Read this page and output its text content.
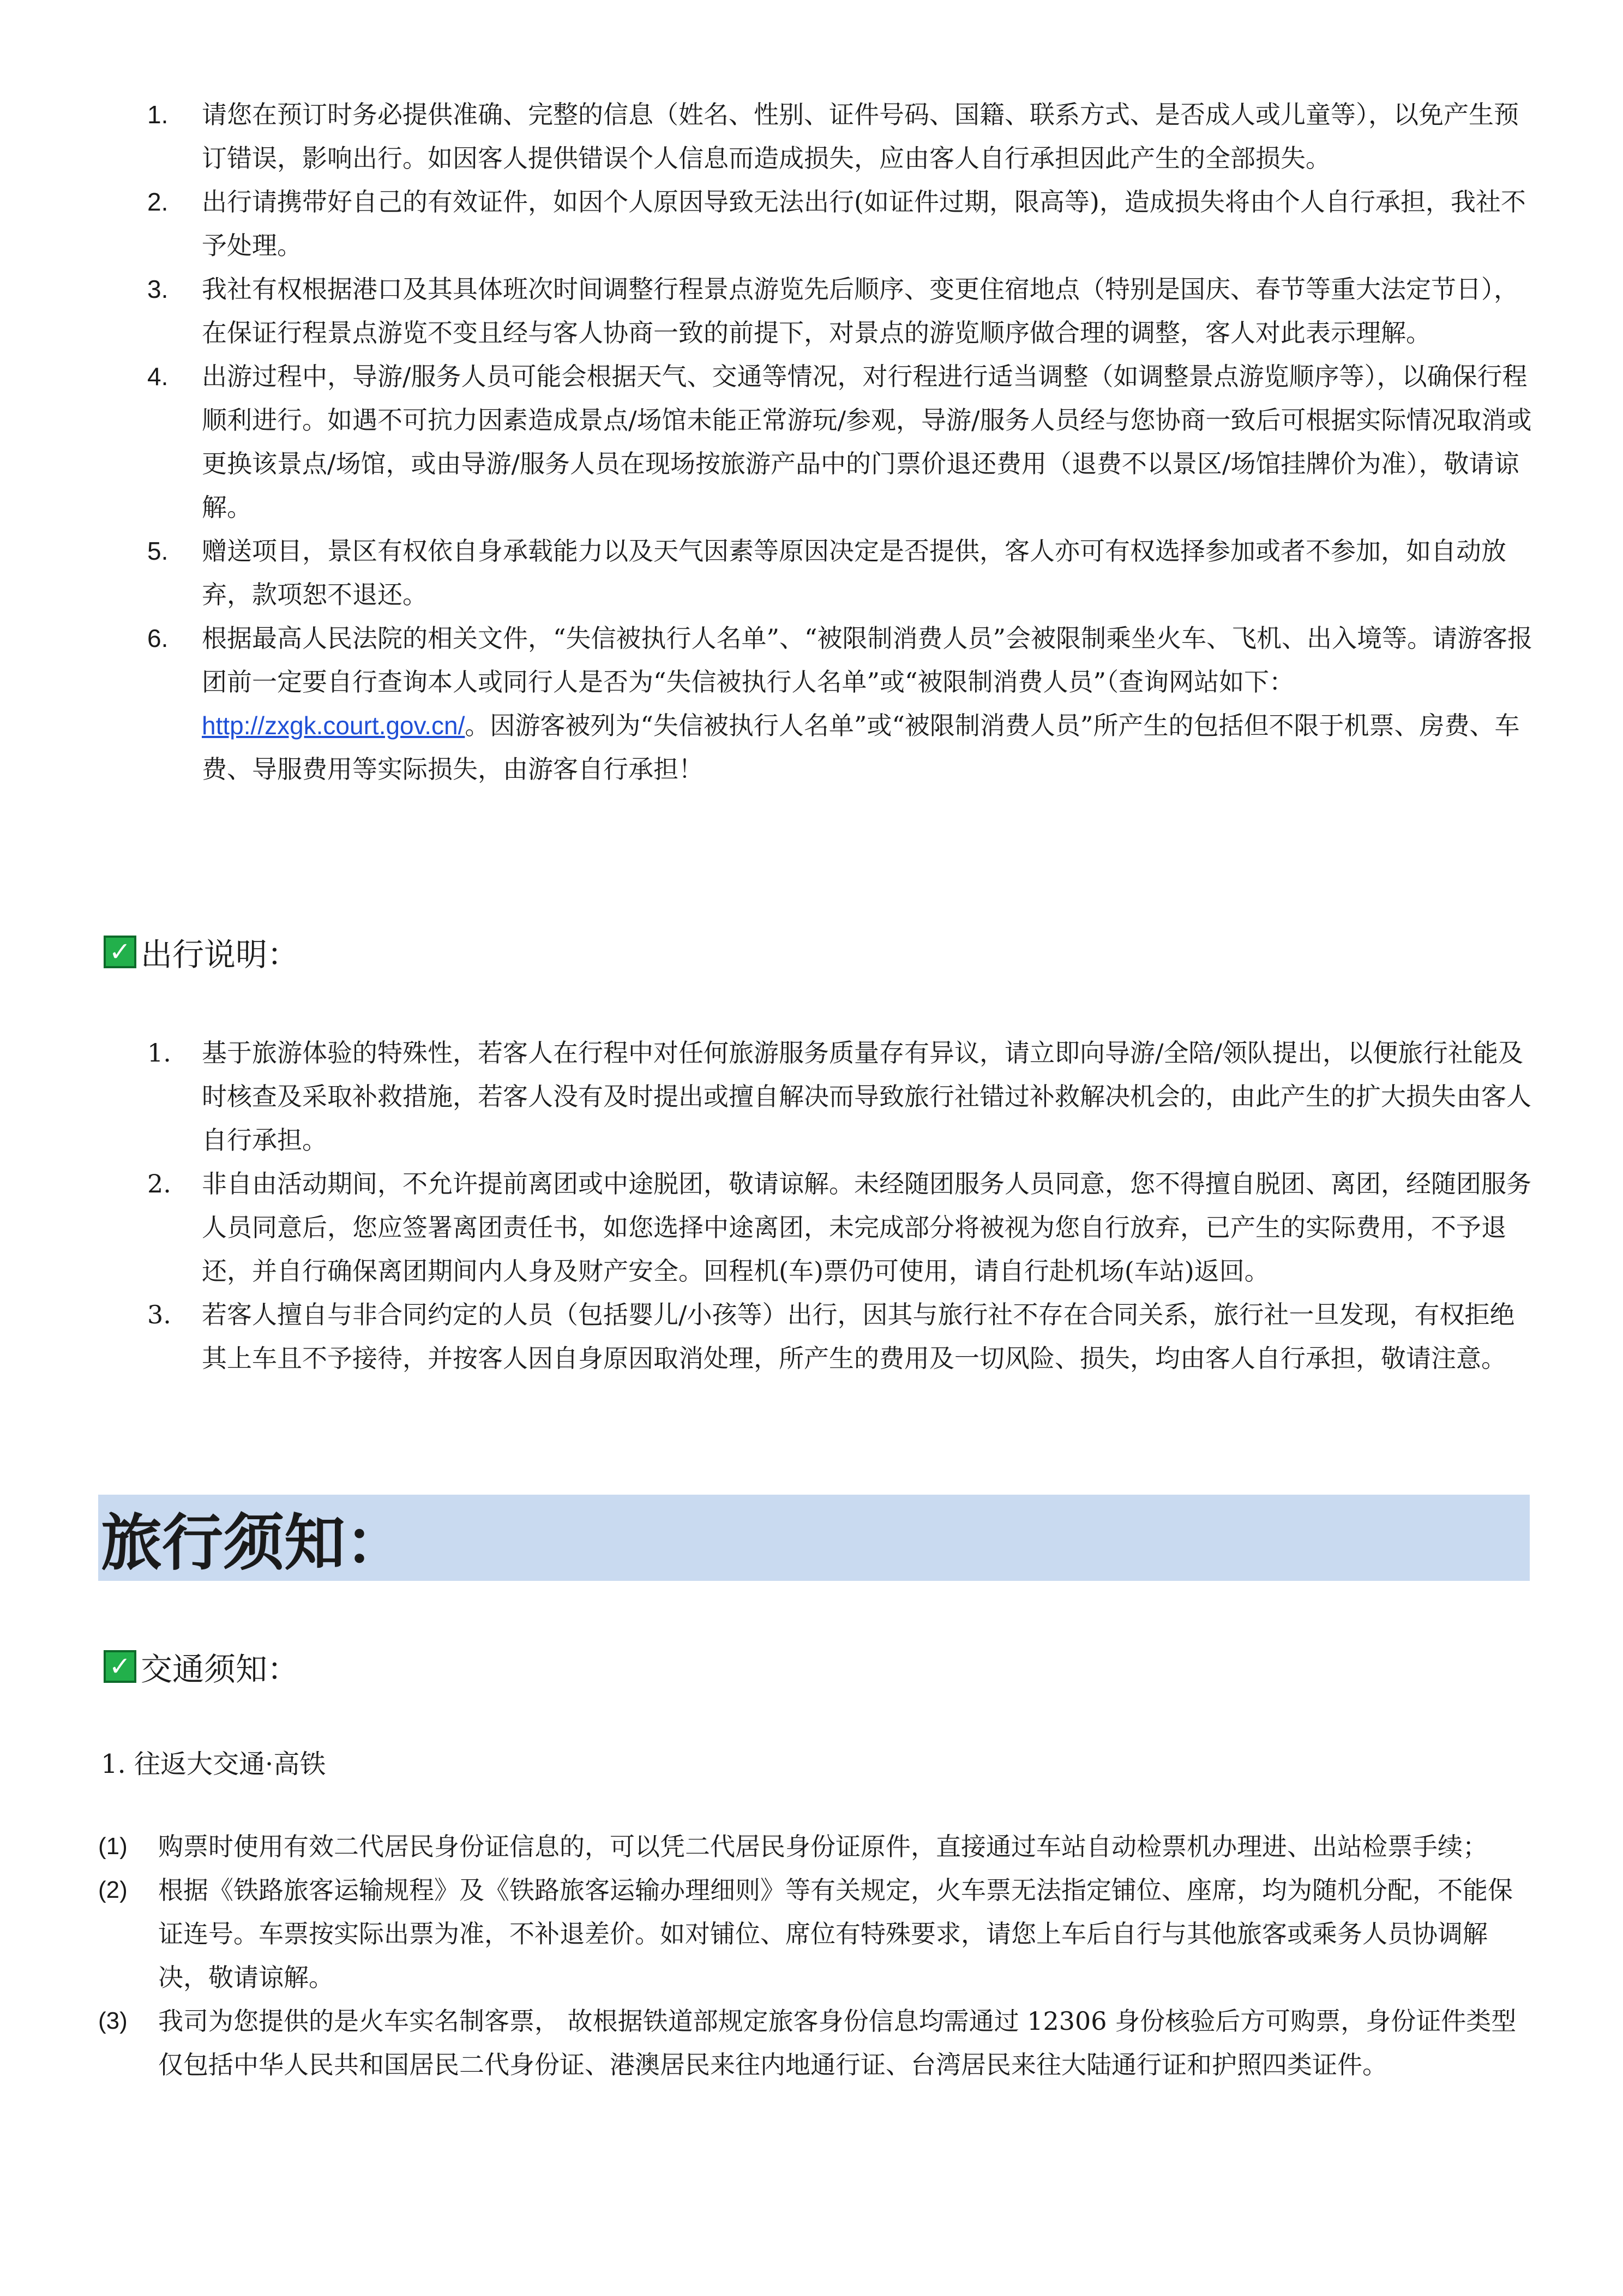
1. 请您在预订时务必提供准确、完整的信息（姓名、性别、证件号码、国籍、联系方式、是否成人或儿童等），以免产生预订错误，影响出行。如因客人提供错误个人信息而造成损失，应由客人自行承担因此产生的全部损失。
2. 出行请携带好自己的有效证件，如因个人原因导致无法出行(如证件过期，限高等)，造成损失将由个人自行承担，我社不予处理。
3. 我社有权根据港口及其具体班次时间调整行程景点游览先后顺序、变更住宿地点（特别是国庆、春节等重大法定节日），在保证行程景点游览不变且经与客人协商一致的前提下，对景点的游览顺序做合理的调整，客人对此表示理解。
4. 出游过程中，导游/服务人员可能会根据天气、交通等情况，对行程进行适当调整（如调整景点游览顺序等），以确保行程顺利进行。如遇不可抗力因素造成景点/场馆未能正常游玩/参观，导游/服务人员经与您协商一致后可根据实际情况取消或更换该景点/场馆，或由导游/服务人员在现场按旅游产品中的门票价退还费用（退费不以景区/场馆挂牌价为准），敬请谅解。
5. 赠送项目，景区有权依自身承载能力以及天气因素等原因决定是否提供，客人亦可有权选择参加或者不参加，如自动放弃，款项恕不退还。
6. 根据最高人民法院的相关文件，“失信被执行人名单”、“被限制消费人员”会被限制乘坐火车、飞机、出入境等。请游客报团前一定要自行查询本人或同行人是否为“失信被执行人名单”或“被限制消费人员”（查询网站如下：http://zxgk.court.gov.cn/。因游客被列为“失信被执行人名单”或“被限制消费人员”所产生的包括但不限于机票、房费、车费、导服费用等实际损失，由游客自行承担！
✓ 出行说明：
1. 基于旅游体验的特殊性，若客人在行程中对任何旅游服务质量存有异议，请立即向导游/全陪/领队提出，以便旅行社能及时核查及采取补救措施，若客人没有及时提出或擅自解决而导致旅行社错过补救解决机会的，由此产生的扩大损失由客人自行承担。
2. 非自由活动期间，不允许提前离团或中途脱团，敬请谅解。未经随团服务人员同意，您不得擅自脱团、离团，经随团服务人员同意后，您应签署离团责任书，如您选择中途离团，未完成部分将被视为您自行放弃，已产生的实际费用，不予退还，并自行确保离团期间内人身及财产安全。回程机(车)票仍可使用，请自行赴机场(车站)返回。
3. 若客人擅自与非合同约定的人员（包括婴儿/小孩等）出行，因其与旅行社不存在合同关系，旅行社一旦发现，有权拒绝其上车且不予接待，并按客人因自身原因取消处理，所产生的费用及一切风险、损失，均由客人自行承担，敬请注意。
旅行须知：
✓ 交通须知：
1. 往返大交通·高铁
(1) 购票时使用有效二代居民身份证信息的，可以凭二代居民身份证原件，直接通过车站自动检票机办理进、出站检票手续；
(2) 根据《铁路旅客运输规程》及《铁路旅客运输办理细则》等有关规定，火车票无法指定铺位、座席，均为随机分配，不能保证连号。车票按实际出票为准，不补退差价。如对铺位、席位有特殊要求，请您上车后自行与其他旅客或乘务人员协调解决，敬请谅解。
(3) 我司为您提供的是火车实名制客票， 故根据铁道部规定旅客身份信息均需通过 12306 身份核验后方可购票，身份证件类型仅包括中华人民共和国居民二代身份证、港澳居民来往内地通行证、台湾居民来往大陆通行证和护照四类证件。
